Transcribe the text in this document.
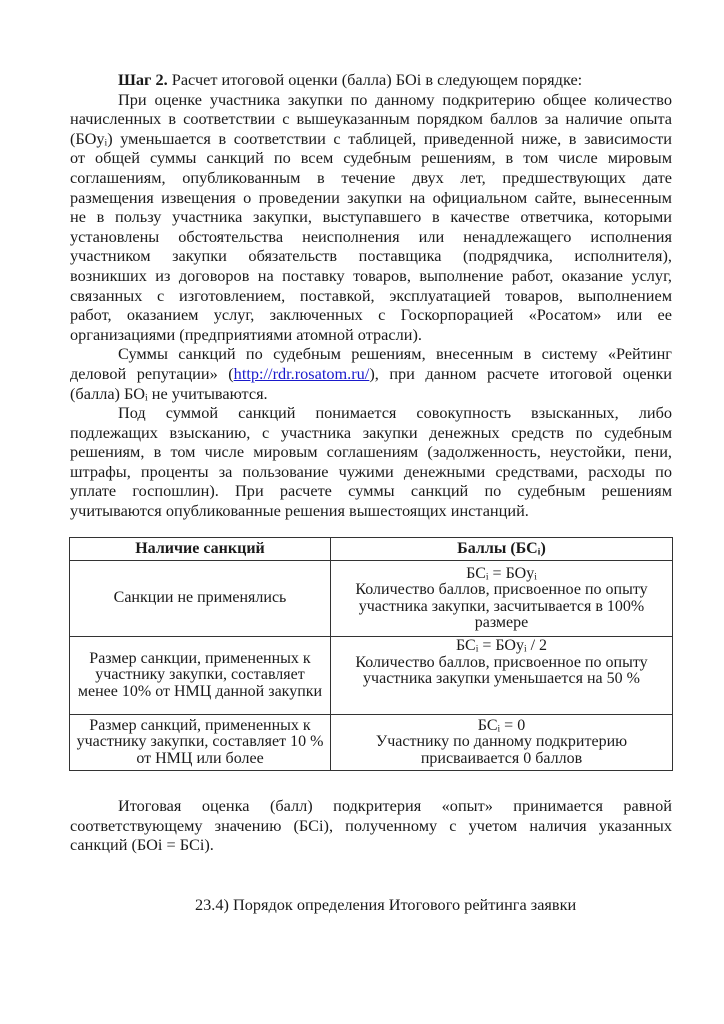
Шаг 2. Расчет итоговой оценки (балла) БОi в следующем порядке:
При оценке участника закупки по данному подкритерию общее количество
начисленных в соответствии с вышеуказанным порядком баллов за наличие опыта
(БОyᵢ) уменьшается в соответствии с таблицей, приведенной ниже, в зависимости
от общей суммы санкций по всем судебным решениям, в том числе мировым
соглашениям, опубликованным в течение двух лет, предшествующих дате
размещения извещения о проведении закупки на официальном сайте, вынесенным
не в пользу участника закупки, выступавшего в качестве ответчика, которыми
установлены обстоятельства неисполнения или ненадлежащего исполнения
участником закупки обязательств поставщика (подрядчика, исполнителя),
возникших из договоров на поставку товаров, выполнение работ, оказание услуг,
связанных с изготовлением, поставкой, эксплуатацией товаров, выполнением
работ, оказанием услуг, заключенных с Госкорпорацией «Росатом» или ее
организациями (предприятиями атомной отрасли).
Суммы санкций по судебным решениям, внесенным в систему «Рейтинг
деловой репутации» (http://rdr.rosatom.ru/), при данном расчете итоговой оценки
(балла) БОᵢ не учитываются.
Под суммой санкций понимается совокупность взысканных, либо
подлежащих взысканию, с участника закупки денежных средств по судебным
решениям, в том числе мировым соглашениям (задолженность, неустойки, пени,
штрафы, проценты за пользование чужими денежными средствами, расходы по
уплате госпошлин). При расчете суммы санкций по судебным решениям
учитываются опубликованные решения вышестоящих инстанций.
Наличие санкций	Баллы (БСᵢ)
Санкции не применялись	БСᵢ = БОyᵢ
Количество баллов, присвоенное по опыту участника закупки, засчитывается в 100% размере

Размер санкции, примененных к участнику закупки, составляет менее 10% от НМЦ данной закупки	БСᵢ = БОyᵢ / 2
Количество баллов, присвоенное по опыту участника закупки уменьшается на 50 %

Размер санкций, примененных к участнику закупки, составляет 10 % от НМЦ или более	БСᵢ = 0
Участнику по данному подкритерию присваивается 0 баллов
Итоговая оценка (балл) подкритерия «опыт» принимается равной
соответствующему значению (БСi), полученному с учетом наличия указанных
санкций (БОi = БСi).
23.4) Порядок определения Итогового рейтинга заявки
